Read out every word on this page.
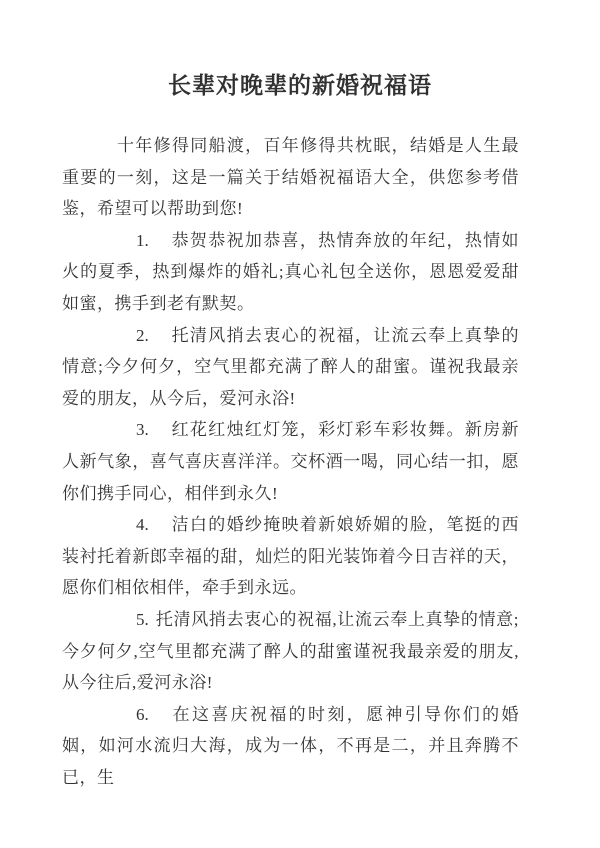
长辈对晚辈的新婚祝福语

十年修得同船渡，百年修得共枕眠，结婚是人生最重要的一刻，这是一篇关于结婚祝福语大全，供您参考借鉴，希望可以帮助到您!

1. 恭贺恭祝加恭喜，热情奔放的年纪，热情如火的夏季，热到爆炸的婚礼;真心礼包全送你，恩恩爱爱甜如蜜，携手到老有默契。

2. 托清风捎去衷心的祝福，让流云奉上真挚的情意;今夕何夕，空气里都充满了醉人的甜蜜。谨祝我最亲爱的朋友，从今后，爱河永浴!

3. 红花红烛红灯笼，彩灯彩车彩妆舞。新房新人新气象，喜气喜庆喜洋洋。交杯酒一喝，同心结一扣，愿你们携手同心，相伴到永久!

4. 洁白的婚纱掩映着新娘娇媚的脸，笔挺的西装衬托着新郎幸福的甜，灿烂的阳光装饰着今日吉祥的天，愿你们相依相伴，牵手到永远。

5. 托清风捎去衷心的祝福,让流云奉上真挚的情意;今夕何夕,空气里都充满了醉人的甜蜜谨祝我最亲爱的朋友,从今往后,爱河永浴!

6. 在这喜庆祝福的时刻，愿神引导你们的婚姻，如河水流归大海，成为一体，不再是二，并且奔腾不已，生
